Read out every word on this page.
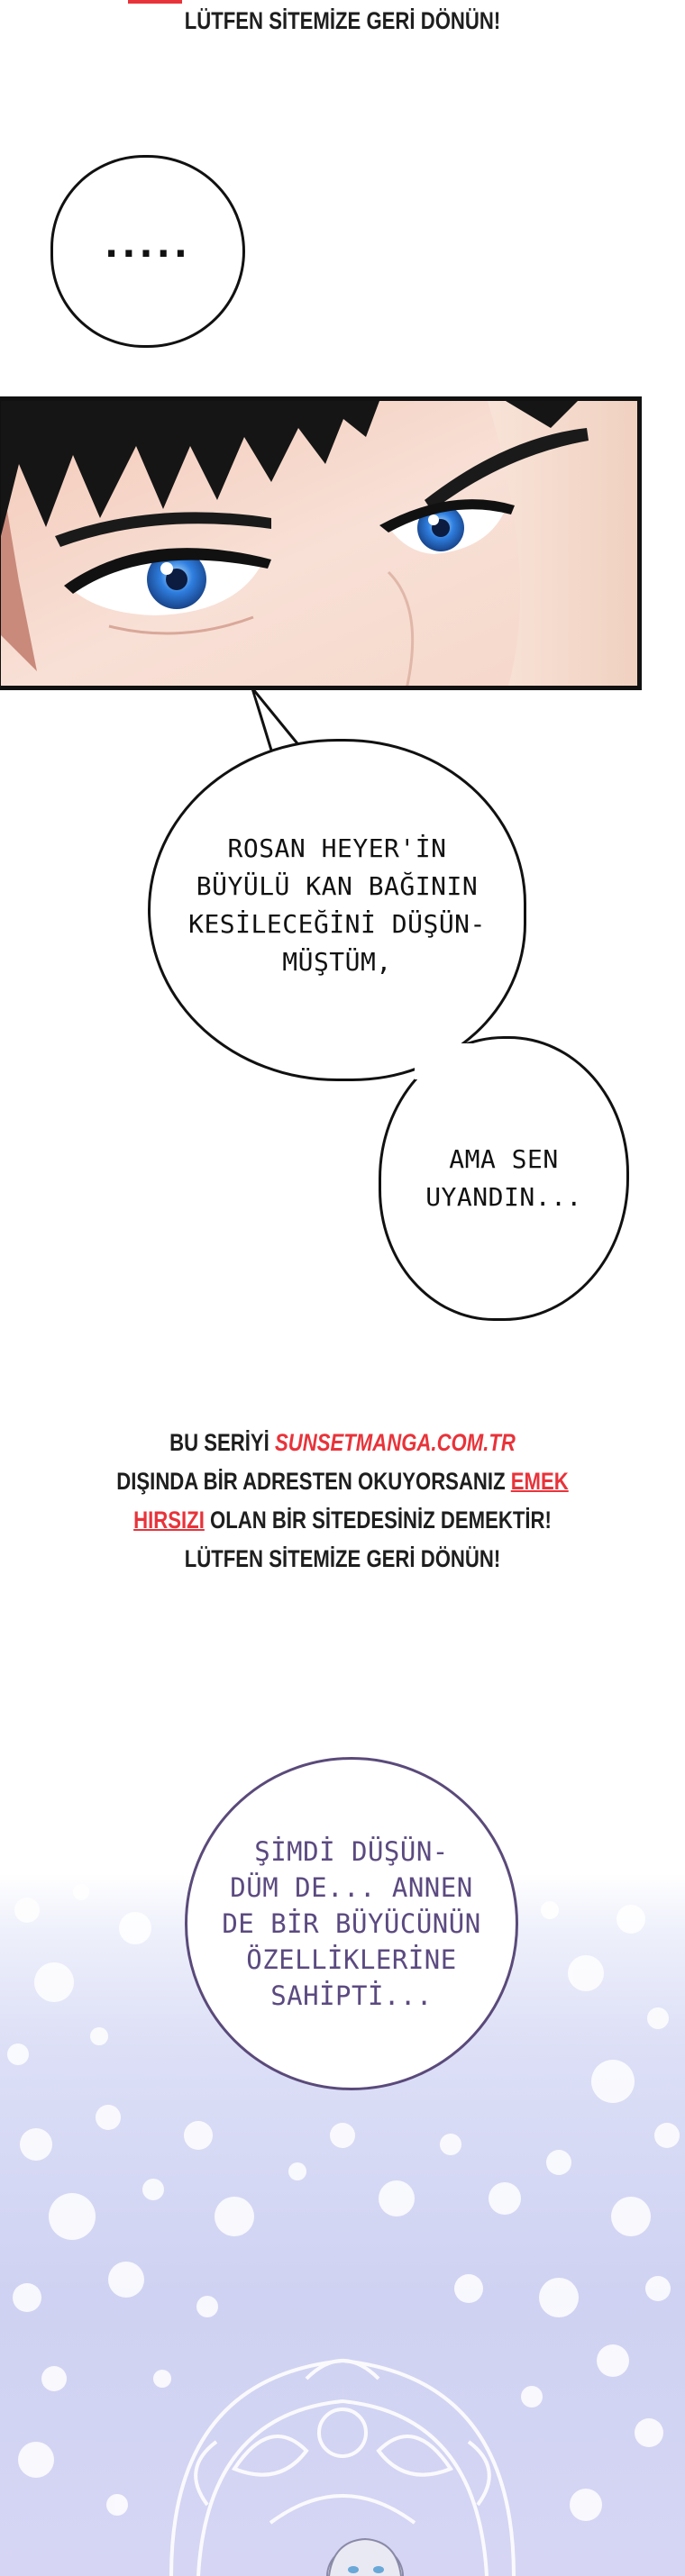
LÜTFEN SİTEMİZE GERİ DÖNÜN!
.....
ROSAN HEYER'İN
BÜYÜLÜ KAN BAĞININ
KESİLECEĞİNİ DÜŞÜN-
MÜŞTÜM,
AMA SEN
UYANDIN...
BU SERİYİ SUNSETMANGA.COM.TR
DIŞINDA BİR ADRESTEN OKUYORSANIZ EMEK
HIRSIZI OLAN BİR SİTEDESİNİZ DEMEKTİR!
LÜTFEN SİTEMİZE GERİ DÖNÜN!
ŞİMDİ DÜŞÜN-
DÜM DE... ANNEN
DE BİR BÜYÜCÜNÜN
ÖZELLİKLERİNE
SAHİPTİ...
